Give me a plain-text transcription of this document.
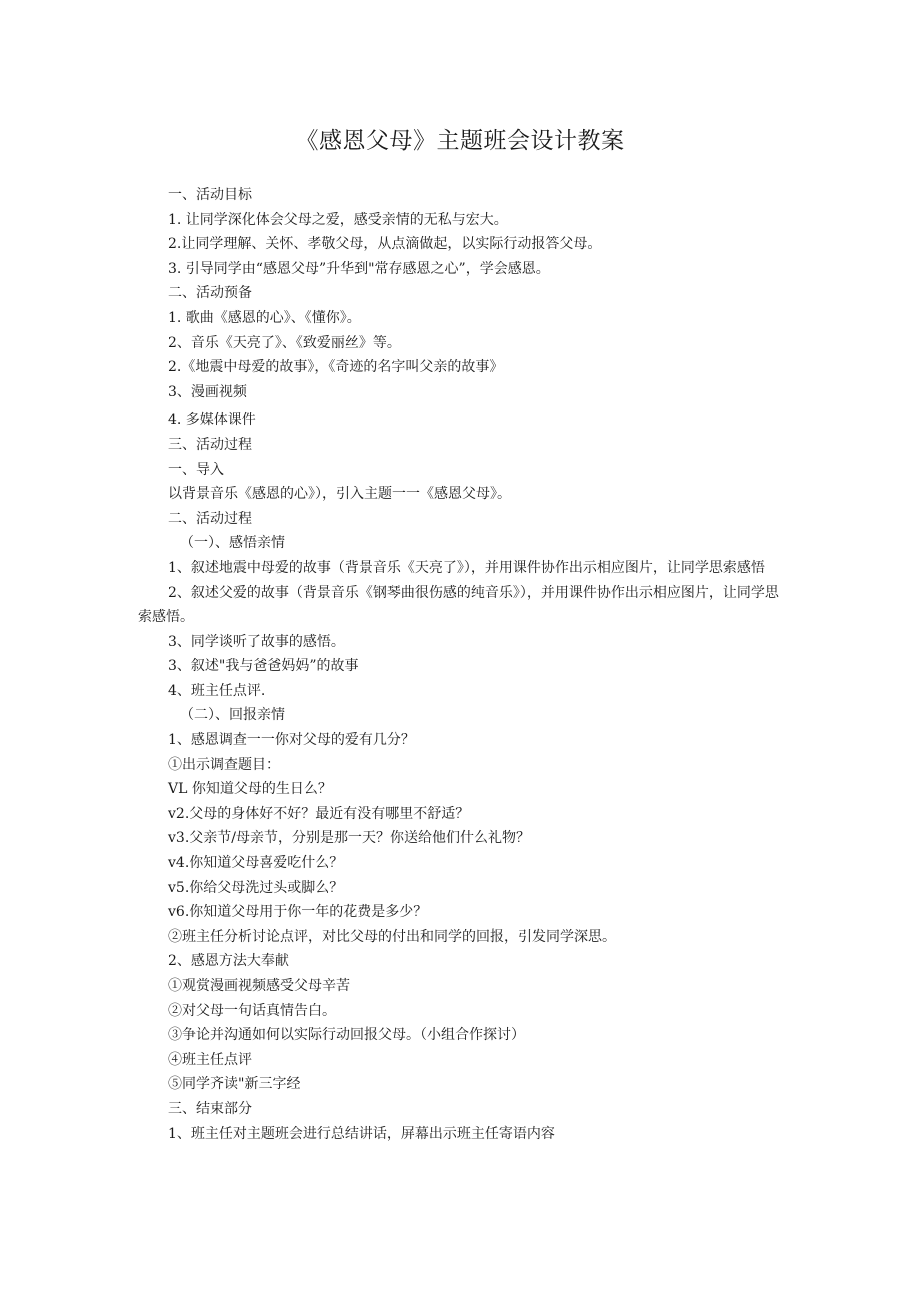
《感恩父母》主题班会设计教案

一、活动目标

1. 让同学深化体会父母之爱，感受亲情的无私与宏大。

2.让同学理解、关怀、孝敬父母，从点滴做起，以实际行动报答父母。

3. 引导同学由“感恩父母”升华到"常存感恩之心”，学会感恩。

二、活动预备

1. 歌曲《感恩的心》、《懂你》。

2、音乐《天亮了》、《致爱丽丝》等。

2.《地震中母爱的故事》，《奇迹的名字叫父亲的故事》

3、漫画视频

4. 多媒体课件

三、活动过程

一、导入

以背景音乐《感恩的心》），引入主题一一《感恩父母》。

二、活动过程

（一）、感悟亲情

1、叙述地震中母爱的故事（背景音乐《天亮了》），并用课件协作出示相应图片，让同学思索感悟

2、叙述父爱的故事（背景音乐《钢琴曲很伤感的纯音乐》），并用课件协作出示相应图片，让同学思索感悟。

3、同学谈听了故事的感悟。

3、叙述"我与爸爸妈妈”的故事

4、班主任点评.

（二）、回报亲情

1、感恩调查一一你对父母的爱有几分？

①出示调查题目：

VL 你知道父母的生日么？

v2.父母的身体好不好？最近有没有哪里不舒适？

v3.父亲节/母亲节，分别是那一天？你送给他们什么礼物？

v4.你知道父母喜爱吃什么？

v5.你给父母洗过头或脚么？

v6.你知道父母用于你一年的花费是多少？

②班主任分析讨论点评，对比父母的付出和同学的回报，引发同学深思。

2、感恩方法大奉献

①观赏漫画视频感受父母辛苦

②对父母一句话真情告白。

③争论并沟通如何以实际行动回报父母。（小组合作探讨）

④班主任点评

⑤同学齐读"新三字经

三、结束部分

1、班主任对主题班会进行总结讲话，屏幕出示班主任寄语内容
